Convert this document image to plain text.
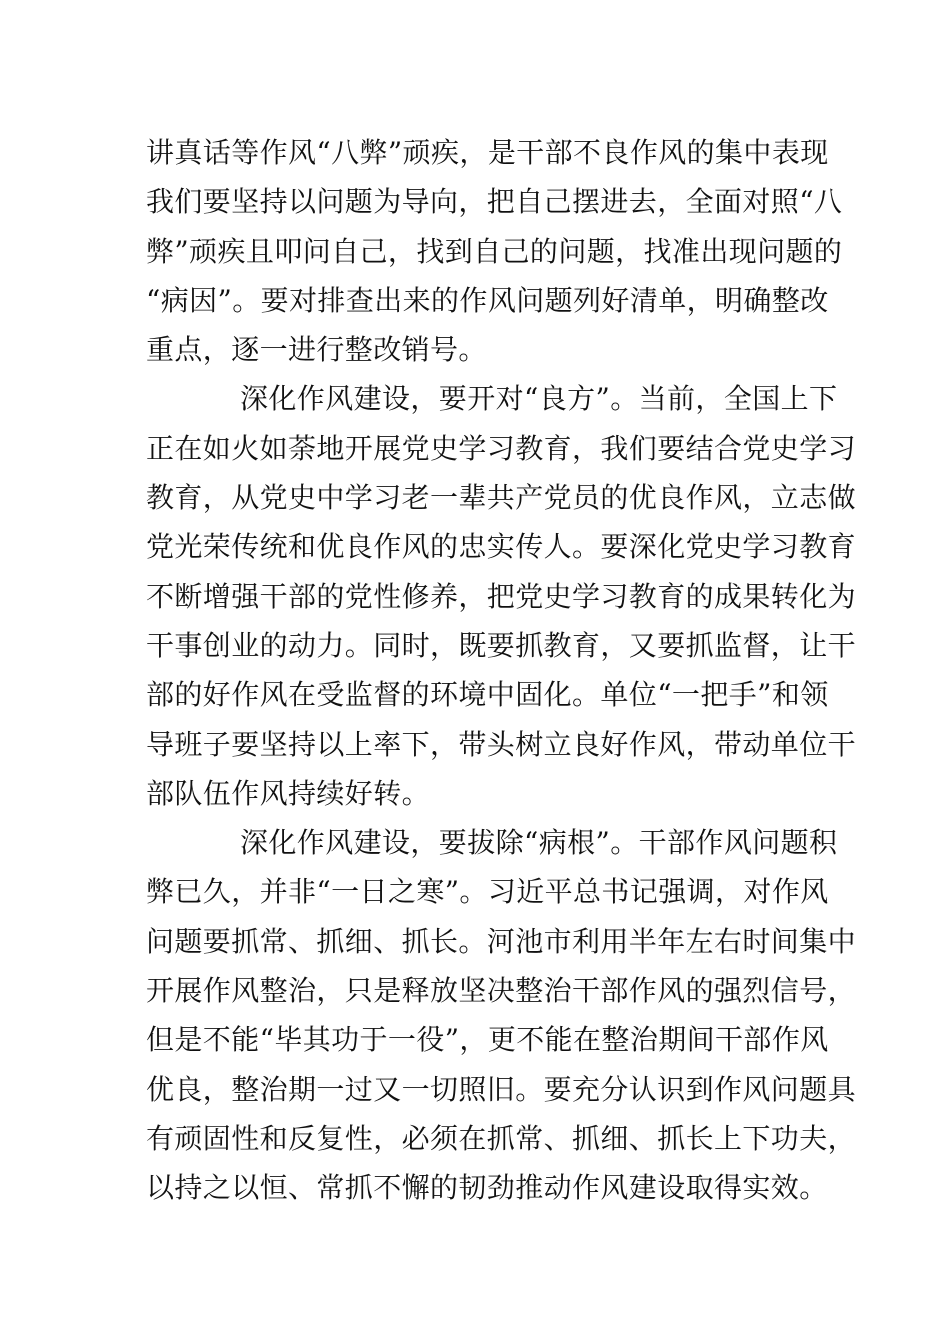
讲真话等作风“八弊”顽疾，是干部不良作风的集中表现
我们要坚持以问题为导向，把自己摆进去，全面对照“八
弊”顽疾且叩问自己，找到自己的问题，找准出现问题的
“病因”。要对排查出来的作风问题列好清单，明确整改
重点，逐一进行整改销号。
深化作风建设，要开对“良方”。当前，全国上下
正在如火如荼地开展党史学习教育，我们要结合党史学习
教育，从党史中学习老一辈共产党员的优良作风，立志做
党光荣传统和优良作风的忠实传人。要深化党史学习教育
不断增强干部的党性修养，把党史学习教育的成果转化为
干事创业的动力。同时，既要抓教育，又要抓监督，让干
部的好作风在受监督的环境中固化。单位“一把手”和领
导班子要坚持以上率下，带头树立良好作风，带动单位干
部队伍作风持续好转。
深化作风建设，要拔除“病根”。干部作风问题积
弊已久，并非“一日之寒”。习近平总书记强调，对作风
问题要抓常、抓细、抓长。河池市利用半年左右时间集中
开展作风整治，只是释放坚决整治干部作风的强烈信号，
但是不能“毕其功于一役”，更不能在整治期间干部作风
优良，整治期一过又一切照旧。要充分认识到作风问题具
有顽固性和反复性，必须在抓常、抓细、抓长上下功夫，
以持之以恒、常抓不懈的韧劲推动作风建设取得实效。
